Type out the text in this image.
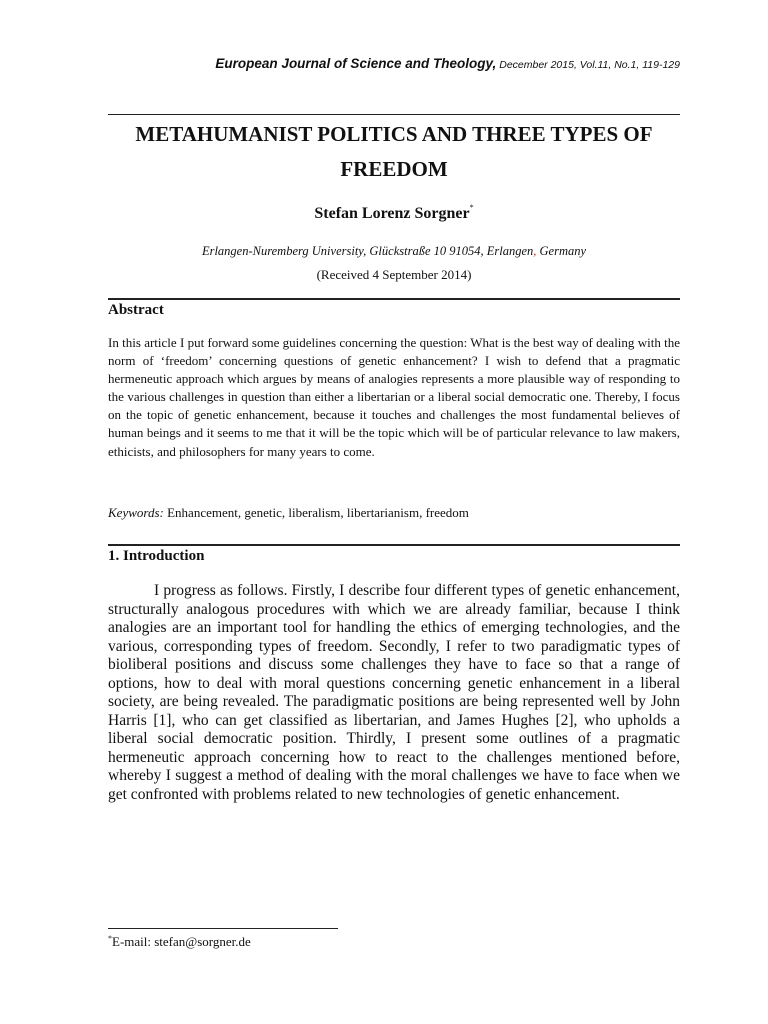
European Journal of Science and Theology, December 2015, Vol.11, No.1, 119-129
METAHUMANIST POLITICS AND THREE TYPES OF
FREEDOM
Stefan Lorenz Sorgner*
Erlangen-Nuremberg University, Glückstraße 10 91054, Erlangen, Germany
(Received 4 September 2014)
Abstract

In this article I put forward some guidelines concerning the question: What is the best way of dealing with the norm of ‘freedom’ concerning questions of genetic enhancement? I wish to defend that a pragmatic hermeneutic approach which argues by means of analogies represents a more plausible way of responding to the various challenges in question than either a libertarian or a liberal social democratic one. Thereby, I focus on the topic of genetic enhancement, because it touches and challenges the most fundamental believes of human beings and it seems to me that it will be the topic which will be of particular relevance to law makers, ethicists, and philosophers for many years to come.

Keywords: Enhancement, genetic, liberalism, libertarianism, freedom
1. Introduction

I progress as follows. Firstly, I describe four different types of genetic enhancement, structurally analogous procedures with which we are already familiar, because I think analogies are an important tool for handling the ethics of emerging technologies, and the various, corresponding types of freedom. Secondly, I refer to two paradigmatic types of bioliberal positions and discuss some challenges they have to face so that a range of options, how to deal with moral questions concerning genetic enhancement in a liberal society, are being revealed. The paradigmatic positions are being represented well by John Harris [1], who can get classified as libertarian, and James Hughes [2], who upholds a liberal social democratic position. Thirdly, I present some outlines of a pragmatic hermeneutic approach concerning how to react to the challenges mentioned before, whereby I suggest a method of dealing with the moral challenges we have to face when we get confronted with problems related to new technologies of genetic enhancement.

*E-mail: stefan@sorgner.de
